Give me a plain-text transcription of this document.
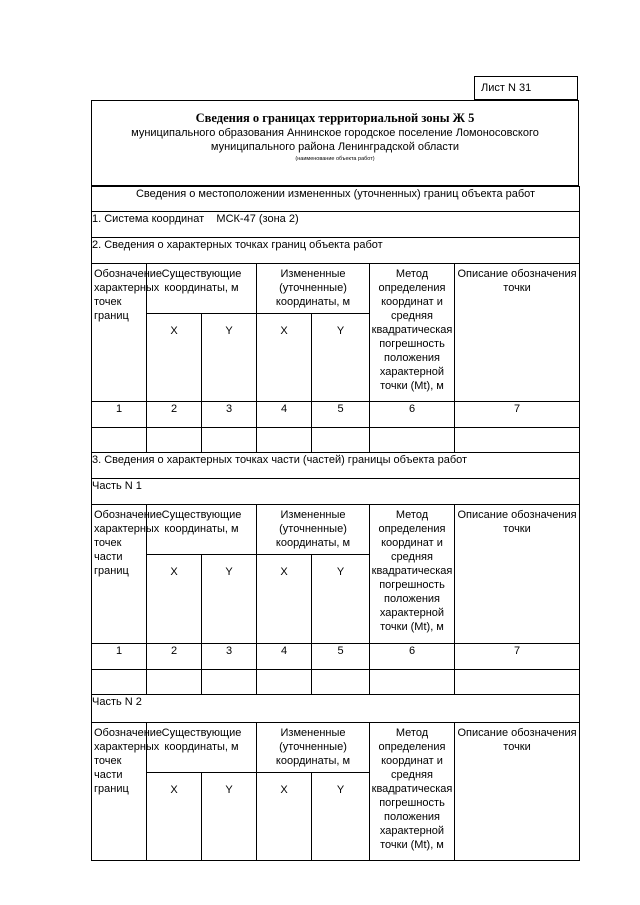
Лист N 31
Сведения о границах территориальной зоны Ж 5
муниципального образования Аннинское городское поселение Ломоносовского муниципального района Ленинградской области
(наименование объекта работ)
Сведения о местоположении измененных (уточненных) границ объекта работ						
1. Система координат МСК-47 (зона 2)						
2. Сведения о характерных точках границ объекта работ						
Обозначение характерных точек границ	Существующие координаты, м		Измененные (уточненные) координаты, м		Метод определения координат и средняя квадратическая погрешность положения характерной точки (Mt), м	Описание обозначения точки
	X	Y	X	Y		
1	2	3	4	5	6	7

3. Сведения о характерных точках части (частей) границы объекта работ						
Часть N 1						
Обозначение характерных точек части границ	Существующие координаты, м		Измененные (уточненные) координаты, м		Метод определения координат и средняя квадратическая погрешность положения характерной точки (Mt), м	Описание обозначения точки
	X	Y	X	Y		
1	2	3	4	5	6	7

Часть N 2						
Обозначение характерных точек части границ	Существующие координаты, м		Измененные (уточненные) координаты, м		Метод определения координат и средняя квадратическая погрешность положения характерной точки (Mt), м	Описание обозначения точки
	X	Y	X	Y		
